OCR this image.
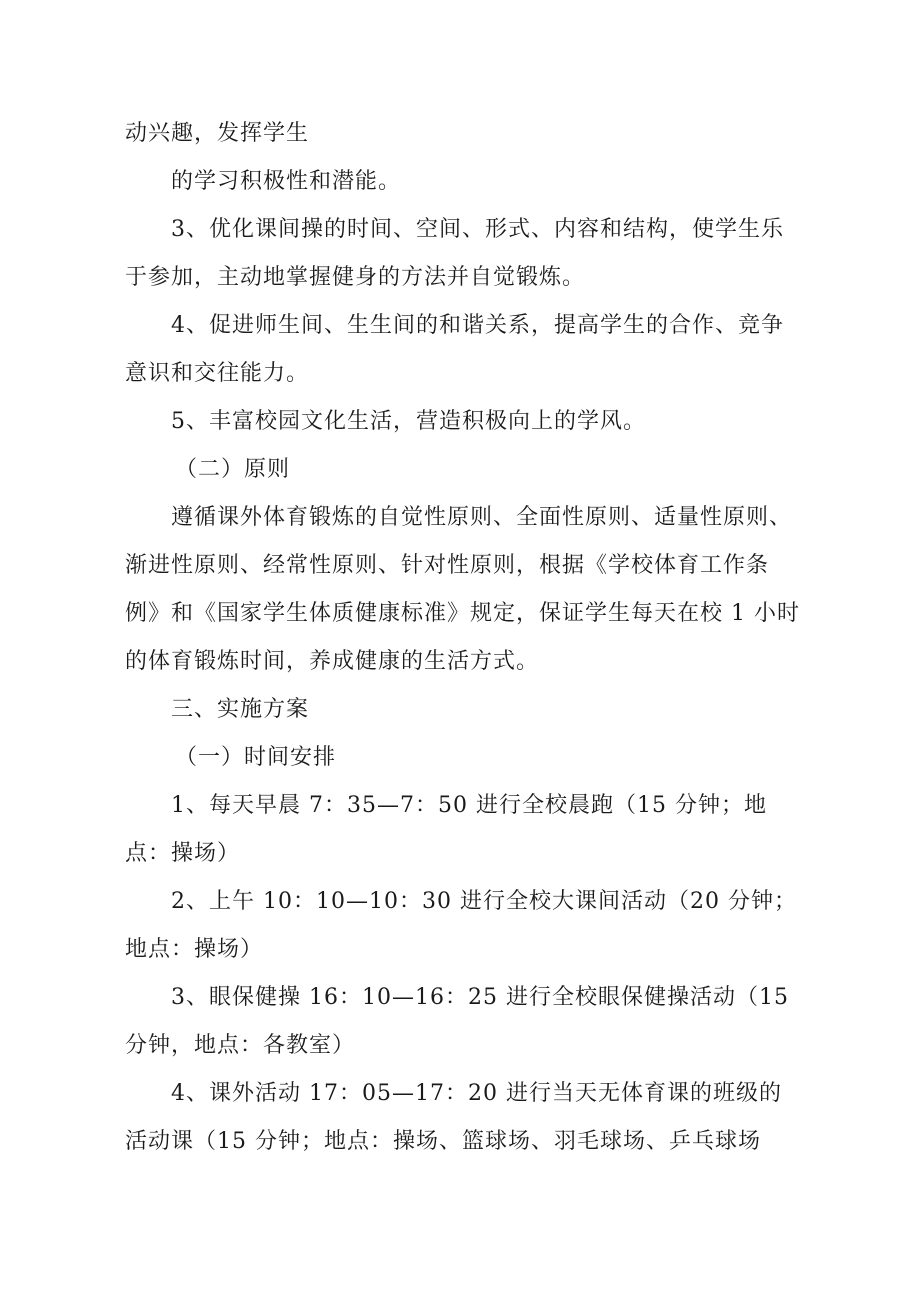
动兴趣，发挥学生

的学习积极性和潜能。

3、优化课间操的时间、空间、形式、内容和结构，使学生乐于参加，主动地掌握健身的方法并自觉锻炼。

4、促进师生间、生生间的和谐关系，提高学生的合作、竞争意识和交往能力。

5、丰富校园文化生活，营造积极向上的学风。

（二）原则

遵循课外体育锻炼的自觉性原则、全面性原则、适量性原则、渐进性原则、经常性原则、针对性原则，根据《学校体育工作条例》和《国家学生体质健康标准》规定，保证学生每天在校 1 小时的体育锻炼时间，养成健康的生活方式。

三、实施方案

（一）时间安排

1、每天早晨 7：35—7：50 进行全校晨跑（15 分钟；地点：操场）

2、上午 10：10—10：30 进行全校大课间活动（20 分钟；地点：操场）

3、眼保健操 16：10—16：25 进行全校眼保健操活动（15 分钟，地点：各教室）

4、课外活动 17：05—17：20 进行当天无体育课的班级的活动课（15 分钟；地点：操场、篮球场、羽毛球场、乒乓球场
